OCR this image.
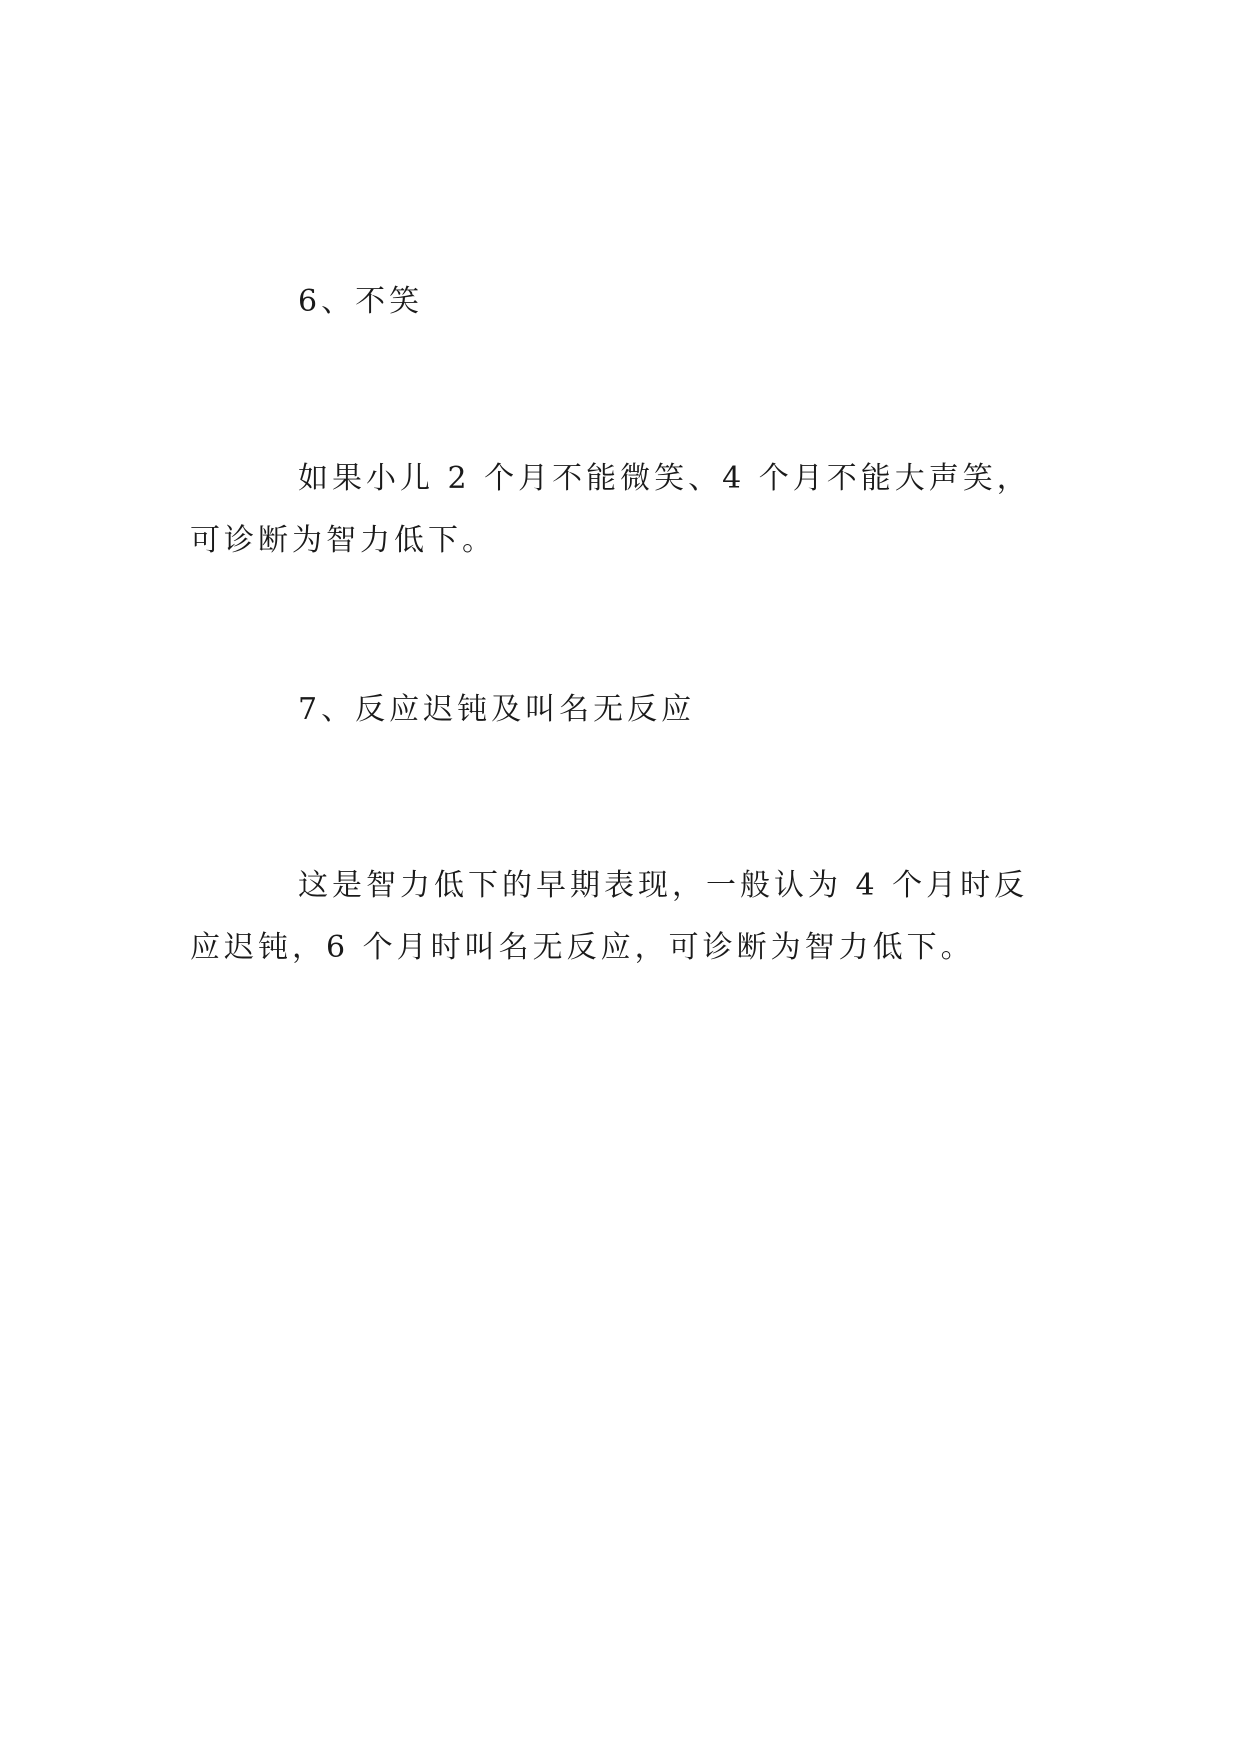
6、不笑

如果小儿 2 个月不能微笑、4 个月不能大声笑，可诊断为智力低下。

7、反应迟钝及叫名无反应

这是智力低下的早期表现，一般认为 4 个月时反应迟钝，6 个月时叫名无反应，可诊断为智力低下。
